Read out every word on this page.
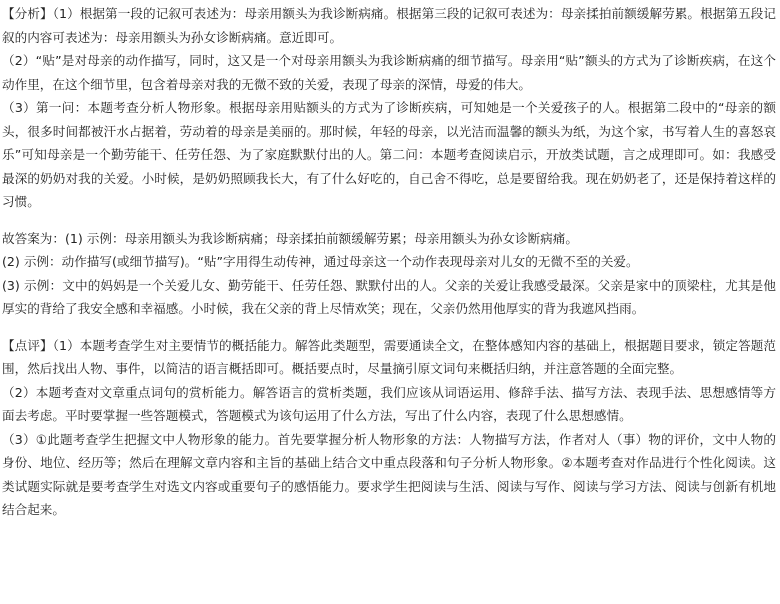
【分析】（1）根据第一段的记叙可表述为：母亲用额头为我诊断病痛。根据第三段的记叙可表述为：母亲揉拍前额缓解劳累。根据第五段记叙的内容可表述为：母亲用额头为孙女诊断病痛。意近即可。

（2）“贴”是对母亲的动作描写，同时，这又是一个对母亲用额头为我诊断病痛的细节描写。母亲用“贴”额头的方式为了诊断疾病，在这个动作里，在这个细节里，包含着母亲对我的无微不致的关爱，表现了母亲的深情，母爱的伟大。

（3）第一问：本题考查分析人物形象。根据母亲用贴额头的方式为了诊断疾病，可知她是一个关爱孩子的人。根据第二段中的“母亲的额头，很多时间都被汗水占据着，劳动着的母亲是美丽的。那时候，年轻的母亲，以光洁而温馨的额头为纸，为这个家，书写着人生的喜怒哀乐”可知母亲是一个勤劳能干、任劳任怨、为了家庭默默付出的人。第二问：本题考查阅读启示，开放类试题，言之成理即可。如：我感受最深的奶奶对我的关爱。小时候，是奶奶照顾我长大，有了什么好吃的，自己舍不得吃，总是要留给我。现在奶奶老了，还是保持着这样的习惯。

故答案为：(1) 示例：母亲用额头为我诊断病痛；母亲揉拍前额缓解劳累；母亲用额头为孙女诊断病痛。

(2) 示例：动作描写(或细节描写)。“贴”字用得生动传神，通过母亲这一个动作表现母亲对儿女的无微不至的关爱。

(3) 示例：文中的妈妈是一个关爱儿女、勤劳能干、任劳任怨、默默付出的人。父亲的关爱让我感受最深。父亲是家中的顶梁柱，尤其是他厚实的背给了我安全感和幸福感。小时候，我在父亲的背上尽情欢笑；现在，父亲仍然用他厚实的背为我遮风挡雨。

【点评】（1）本题考查学生对主要情节的概括能力。解答此类题型，需要通读全文，在整体感知内容的基础上，根据题目要求，锁定答题范围，然后找出人物、事件，以简洁的语言概括即可。概括要点时，尽量摘引原文词句来概括归纳，并注意答题的全面完整。

（2）本题考查对文章重点词句的赏析能力。解答语言的赏析类题，我们应该从词语运用、修辞手法、描写方法、表现手法、思想感情等方面去考虑。平时要掌握一些答题模式，答题模式为该句运用了什么方法，写出了什么内容，表现了什么思想感情。

（3）①此题考查学生把握文中人物形象的能力。首先要掌握分析人物形象的方法：人物描写方法，作者对人（事）物的评价，文中人物的身份、地位、经历等；然后在理解文章内容和主旨的基础上结合文中重点段落和句子分析人物形象。②本题考查对作品进行个性化阅读。这类试题实际就是要考查学生对选文内容或重要句子的感悟能力。要求学生把阅读与生活、阅读与写作、阅读与学习方法、阅读与创新有机地结合起来。
